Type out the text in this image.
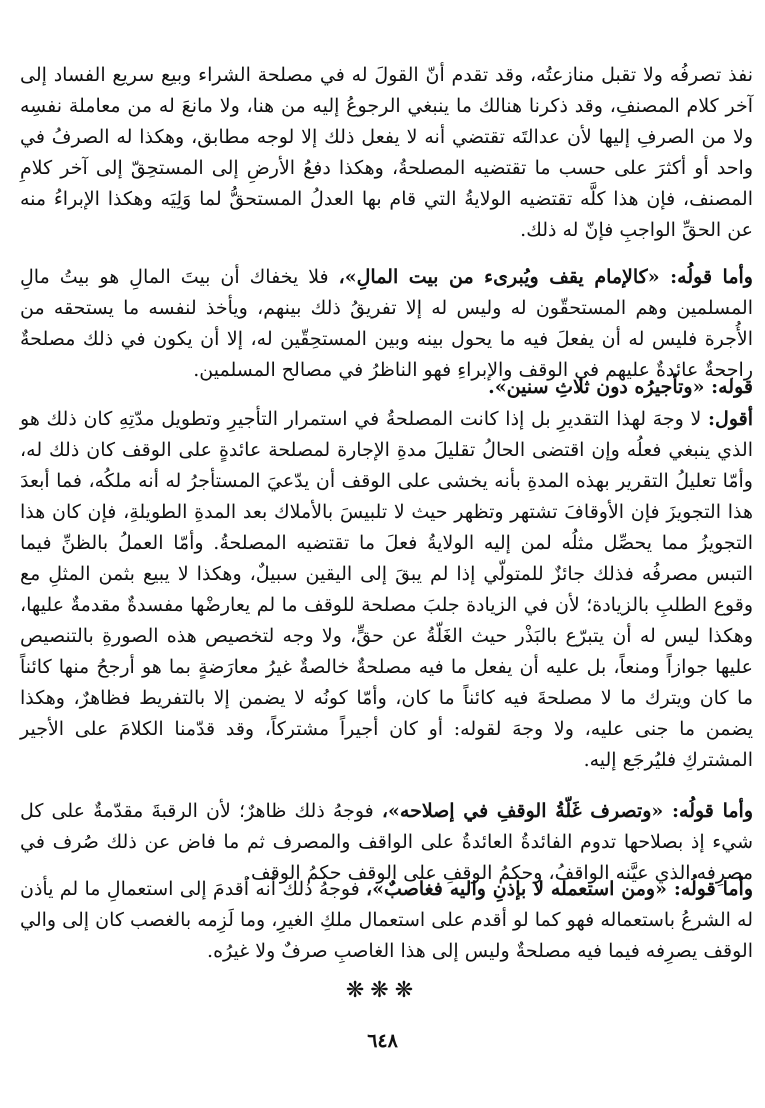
نفذ تصرفُه ولا تقبل منازعتُه، وقد تقدم أنّ القولَ له في مصلحة الشراء وبيع سريع الفساد إلى آخر كلام المصنفِ، وقد ذكرنا هنالك ما ينبغي الرجوعُ إليه من هنا، ولا مانعَ له من معاملة نفسِه ولا من الصرفِ إليها لأن عدالتَه تقتضي أنه لا يفعل ذلك إلا لوجه مطابق، وهكذا له الصرفُ في واحد أو أكثرَ على حسب ما تقتضيه المصلحةُ، وهكذا دفعُ الأرضِ إلى المستحِقّ إلى آخر كلامِ المصنف، فإن هذا كلَّه تقتضيه الولايةُ التي قام بها العدلُ المستحقُّ لما وَلِيَه وهكذا الإبراءُ منه عن الحقِّ الواجبِ فإنّ له ذلك.

وأما قولُه: «كالإمام يقف ويُبرىء من بيت المالِ»، فلا يخفاك أن بيتَ المالِ هو بيتُ مالِ المسلمين وهم المستحقّون له وليس له إلا تفريقُ ذلك بينهم، ويأخذ لنفسه ما يستحقه من الأُجرة فليس له أن يفعلَ فيه ما يحول بينه وبين المستحِقّين له، إلا أن يكون في ذلك مصلحةٌ راجحةٌ عائدةٌ عليهم في الوقف والإبراءِ فهو الناظرُ في مصالح المسلمين.

قوله: «وتأجيرُه دون ثلاثِ سنين».

أقول: لا وجهَ لهذا التقديرِ بل إذا كانت المصلحةُ في استمرار التأجيرِ وتطويل مدّتِهِ كان ذلك هو الذي ينبغي فعلُه وإن اقتضى الحالُ تقليلَ مدةِ الإجارة لمصلحة عائدةٍ على الوقف كان ذلك له، وأمّا تعليلُ التقرير بهذه المدةِ بأنه يخشى على الوقف أن يدّعيَ المستأجرُ له أنه ملكُه، فما أبعدَ هذا التجويزَ فإن الأوقافَ تشتهر وتظهر حيث لا تلبيسَ بالأملاك بعد المدةِ الطويلةِ، فإن كان هذا التجويزُ مما يحصِّل مثلُه لمن إليه الولايةُ فعلَ ما تقتضيه المصلحةُ. وأمّا العملُ بالظنِّ فيما التبس مصرفُه فذلك جائزٌ للمتولّي إذا لم يبقَ إلى اليقين سبيلٌ، وهكذا لا يبيع بثمن المثلِ مع وقوع الطلبِ بالزيادة؛ لأن في الزيادة جلبَ مصلحة للوقف ما لم يعارضْها مفسدةٌ مقدمةٌ عليها، وهكذا ليس له أن يتبرّع بالبَذْر حيث الغَلّةُ عن حقٍّ، ولا وجه لتخصيص هذه الصورةِ بالتنصيص عليها جوازاً ومنعاً، بل عليه أن يفعل ما فيه مصلحةٌ خالصةٌ غيرُ معارَضةٍ بما هو أرجحُ منها كائناً ما كان ويترك ما لا مصلحةَ فيه كائناً ما كان، وأمّا كونُه لا يضمن إلا بالتفريط فظاهرٌ، وهكذا يضمن ما جنى عليه، ولا وجهَ لقوله: أو كان أجيراً مشتركاً، وقد قدّمنا الكلامَ على الأجير المشتركِ فليُرجَع إليه.

وأما قولُه: «وتصرف غَلّةُ الوقفِ في إصلاحه»، فوجهُ ذلك ظاهرٌ؛ لأن الرقبةَ مقدّمةٌ على كل شيء إذ بصلاحها تدوم الفائدةُ العائدةُ على الواقف والمصرف ثم ما فاض عن ذلك صُرف في مصرِفه الذي عيَّنه الواقفُ، وحكمُ الوقفِ على الوقف حكمُ الوقف.

وأما قولُه: «ومن استعمله لا بإذنِ واليه فغاصبٌ»، فوجهُ ذلك أنه أقدمَ إلى استعمالِ ما لم يأذن له الشرعُ باستعماله فهو كما لو أقدم على استعمال ملكِ الغيرِ، وما لَزِمه بالغصب كان إلى والي الوقف يصرِفه فيما فيه مصلحةٌ وليس إلى هذا الغاصبِ صرفٌ ولا غيرُه.

❋❋❋
٦٤٨
